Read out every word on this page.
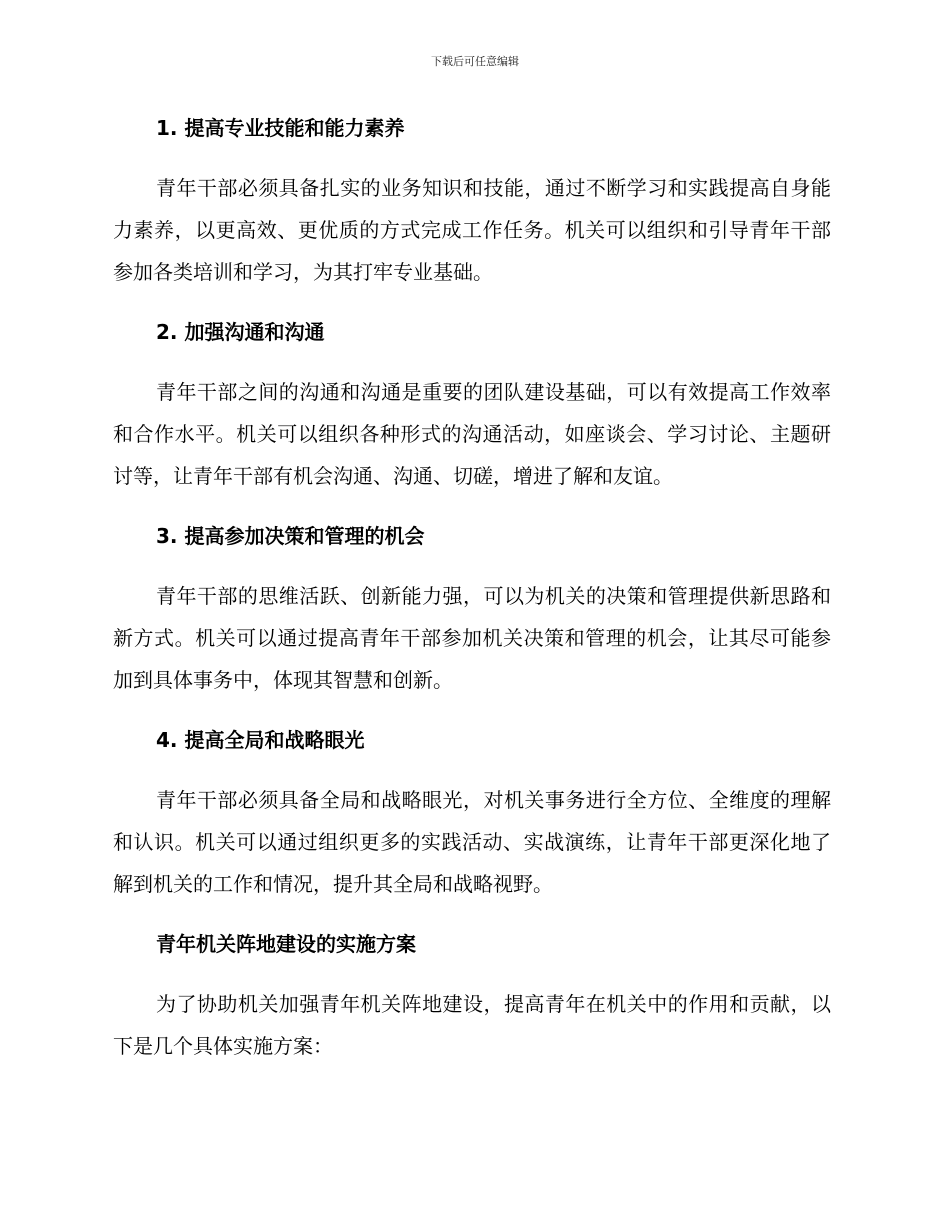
下载后可任意编辑
1. 提高专业技能和能力素养

青年干部必须具备扎实的业务知识和技能，通过不断学习和实践提高自身能力素养，以更高效、更优质的方式完成工作任务。机关可以组织和引导青年干部参加各类培训和学习，为其打牢专业基础。

2. 加强沟通和沟通

青年干部之间的沟通和沟通是重要的团队建设基础，可以有效提高工作效率和合作水平。机关可以组织各种形式的沟通活动，如座谈会、学习讨论、主题研讨等，让青年干部有机会沟通、沟通、切磋，增进了解和友谊。

3. 提高参加决策和管理的机会

青年干部的思维活跃、创新能力强，可以为机关的决策和管理提供新思路和新方式。机关可以通过提高青年干部参加机关决策和管理的机会，让其尽可能参加到具体事务中，体现其智慧和创新。

4. 提高全局和战略眼光

青年干部必须具备全局和战略眼光，对机关事务进行全方位、全维度的理解和认识。机关可以通过组织更多的实践活动、实战演练，让青年干部更深化地了解到机关的工作和情况，提升其全局和战略视野。

青年机关阵地建设的实施方案

为了协助机关加强青年机关阵地建设，提高青年在机关中的作用和贡献，以下是几个具体实施方案：
